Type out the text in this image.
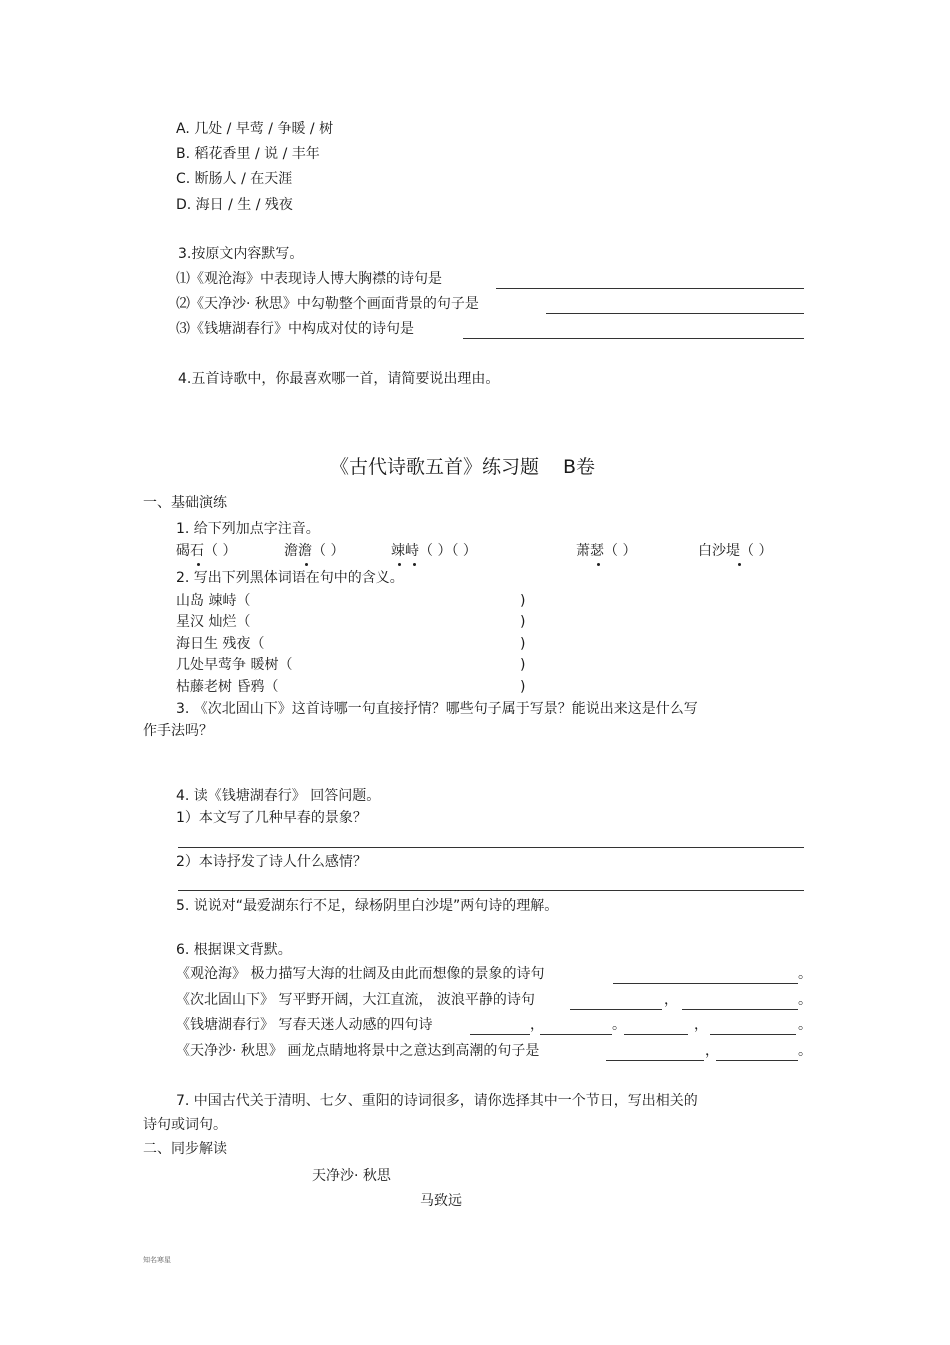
A. 几处 / 早莺 / 争暖 / 树
B. 稻花香里 / 说 / 丰年
C. 断肠人 / 在天涯
D. 海日 / 生 / 残夜
3.按原文内容默写。
⑴《观沧海》中表现诗人博大胸襟的诗句是
⑵《天净沙· 秋思》中勾勒整个画面背景的句子是
⑶《钱塘湖春行》中构成对仗的诗句是
4.五首诗歌中，你最喜欢哪一首，请简要说出理由。
《古代诗歌五首》练习题 B卷
一、基础演练
1. 给下列加点字注音。
碣石（ ）	澹澹（ ）	竦峙（ ）（ ）	萧瑟（ ）	白沙堤（ ）
2. 写出下列黑体词语在句中的含义。
山岛 竦峙（	)
星汉 灿烂（	)
海日生 残夜（	)
几处早莺争 暖树（	)
枯藤老树 昏鸦（	)
3. 《次北固山下》这首诗哪一句直接抒情？哪些句子属于写景？能说出来这是什么写
作手法吗？
4. 读《钱塘湖春行》 回答问题。
1）本文写了几种早春的景象？
2）本诗抒发了诗人什么感情？
5. 说说对“最爱湖东行不足，绿杨阴里白沙堤”两句诗的理解。
6. 根据课文背默。
《观沧海》 极力描写大海的壮阔及由此而想像的景象的诗句	。
《次北固山下》 写平野开阔，大江直流， 波浪平静的诗句	，	。
《钱塘湖春行》 写春天迷人动感的四句诗	，	。	，	。
《天净沙· 秋思》 画龙点睛地将景中之意达到高潮的句子是	，	。
7. 中国古代关于清明、七夕、重阳的诗词很多，请你选择其中一个节日，写出相关的
诗句或词句。
二、同步解读
天净沙· 秋思
马致远
知名寒星
